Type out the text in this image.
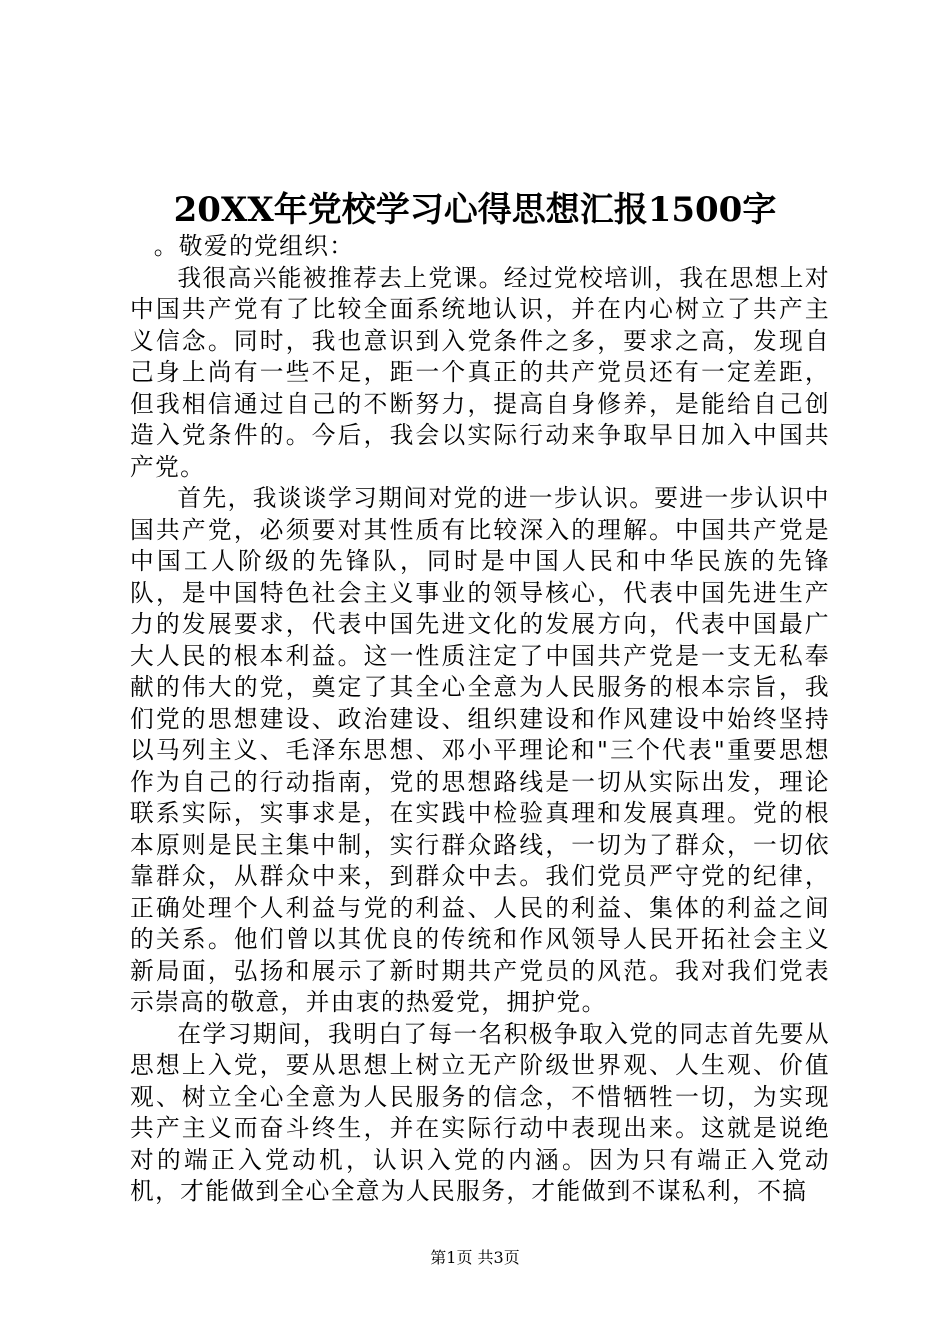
20XX年党校学习心得思想汇报1500字

。敬爱的党组织：

我很高兴能被推荐去上党课。经过党校培训，我在思想上对中国共产党有了比较全面系统地认识，并在内心树立了共产主义信念。同时，我也意识到入党条件之多，要求之高，发现自己身上尚有一些不足，距一个真正的共产党员还有一定差距，但我相信通过自己的不断努力，提高自身修养，是能给自己创造入党条件的。今后，我会以实际行动来争取早日加入中国共产党。

首先，我谈谈学习期间对党的进一步认识。要进一步认识中国共产党，必须要对其性质有比较深入的理解。中国共产党是中国工人阶级的先锋队，同时是中国人民和中华民族的先锋队，是中国特色社会主义事业的领导核心，代表中国先进生产力的发展要求，代表中国先进文化的发展方向，代表中国最广大人民的根本利益。这一性质注定了中国共产党是一支无私奉献的伟大的党，奠定了其全心全意为人民服务的根本宗旨，我们党的思想建设、政治建设、组织建设和作风建设中始终坚持以马列主义、毛泽东思想、邓小平理论和"三个代表"重要思想作为自己的行动指南，党的思想路线是一切从实际出发，理论联系实际，实事求是，在实践中检验真理和发展真理。党的根本原则是民主集中制，实行群众路线，一切为了群众，一切依靠群众，从群众中来，到群众中去。我们党员严守党的纪律，正确处理个人利益与党的利益、人民的利益、集体的利益之间的关系。他们曾以其优良的传统和作风领导人民开拓社会主义新局面，弘扬和展示了新时期共产党员的风范。我对我们党表示崇高的敬意，并由衷的热爱党，拥护党。

在学习期间，我明白了每一名积极争取入党的同志首先要从思想上入党，要从思想上树立无产阶级世界观、人生观、价值观、树立全心全意为人民服务的信念，不惜牺牲一切，为实现共产主义而奋斗终生，并在实际行动中表现出来。这就是说绝对的端正入党动机，认识入党的内涵。因为只有端正入党动机，才能做到全心全意为人民服务，才能做到不谋私利，不搞

第1页 共3页
